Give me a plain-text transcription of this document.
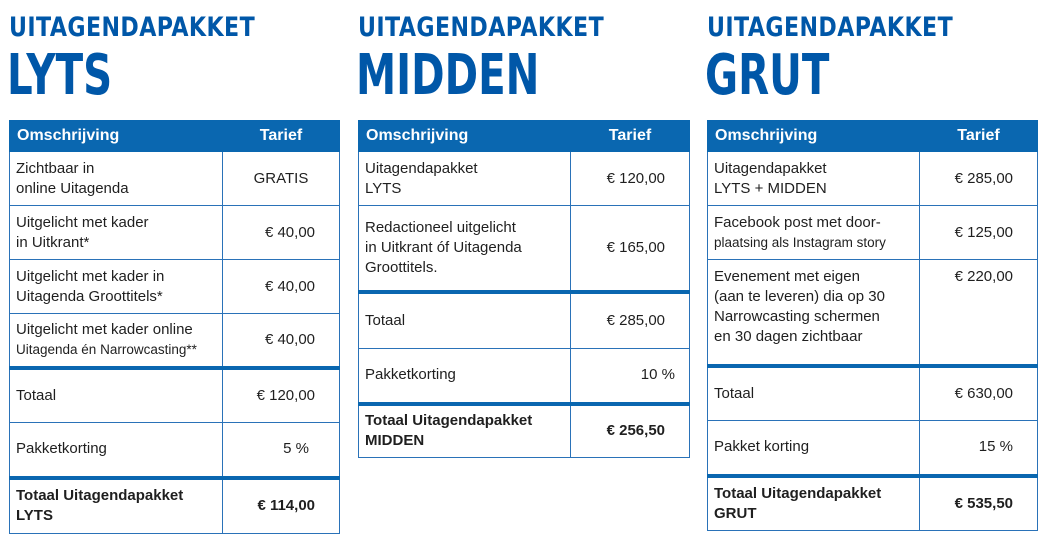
UITAGENDAPAKKET
LYTS
Omschrijving	Tarief

Zichtbaar in
online Uitagenda	GRATIS

Uitgelicht met kader
in Uitkrant*	€ 40,00

Uitgelicht met kader in
Uitagenda Groottitels*	€ 40,00

Uitgelicht met kader online
Uitagenda én Narrowcasting**	€ 40,00
Totaal	€ 120,00
Pakketkorting	5 %

Totaal Uitagendapakket
LYTS	€ 114,00
UITAGENDAPAKKET
MIDDEN
Omschrijving	Tarief

Uitagendapakket
LYTS	€ 120,00

Redactioneel uitgelicht
in Uitkrant óf Uitagenda
Groottitels.	€ 165,00
Totaal	€ 285,00
Pakketkorting	10 %

Totaal Uitagendapakket
MIDDEN	€ 256,50
UITAGENDAPAKKET
GRUT
Omschrijving	Tarief

Uitagendapakket
LYTS + MIDDEN	€ 285,00

Facebook post met door-
plaatsing als Instagram story	€ 125,00

Evenement met eigen
(aan te leveren) dia op 30
Narrowcasting schermen
en 30 dagen zichtbaar	€ 220,00
Totaal	€ 630,00
Pakket korting	15 %

Totaal Uitagendapakket
GRUT	€ 535,50
